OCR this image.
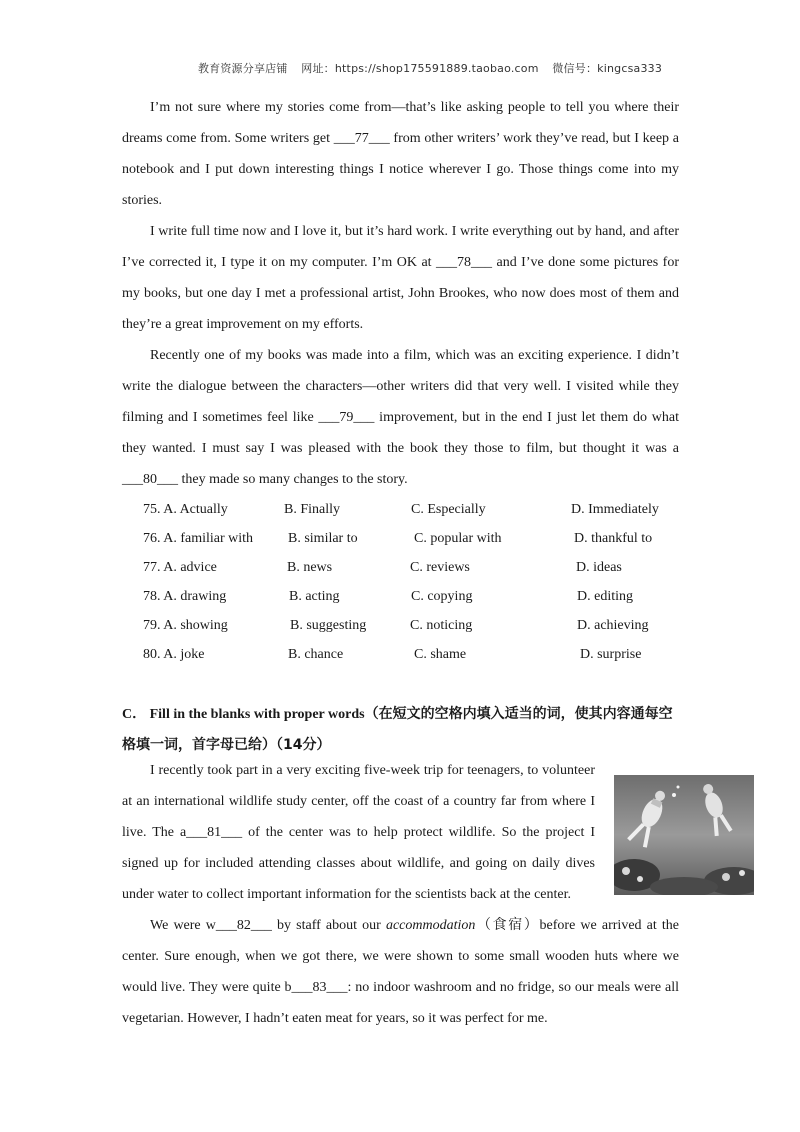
教育资源分享店铺 网址：https://shop175591889.taobao.com 微信号：kingcsa333

I’m not sure where my stories come from—that’s like asking people to tell you where their dreams come from. Some writers get ___77___ from other writers’ work they’ve read, but I keep a notebook and I put down interesting things I notice wherever I go. Those things come into my stories.

I write full time now and I love it, but it’s hard work. I write everything out by hand, and after I’ve corrected it, I type it on my computer. I’m OK at ___78___ and I’ve done some pictures for my books, but one day I met a professional artist, John Brookes, who now does most of them and they’re a great improvement on my efforts.

Recently one of my books was made into a film, which was an exciting experience. I didn’t write the dialogue between the characters—other writers did that very well. I visited while they filming and I sometimes feel like ___79___ improvement, but in the end I just let them do what they wanted. I must say I was pleased with the book they those to film, but thought it was a ___80___ they made so many changes to the story.

75. A. Actually	B. Finally	C. Especially	D. Immediately
76. A. familiar with B. similar to	C. popular with	D. thankful to
77. A. advice	B. news	C. reviews	D. ideas
78. A. drawing	B. acting	C. copying	D. editing
79. A. showing	B. suggesting	C. noticing	D. achieving
80. A. joke	B. chance	C. shame	D. surprise

C． Fill in the blanks with proper words（在短文的空格内填入适当的词，使其内容通每空格填一词，首字母已给）（14分）

I recently took part in a very exciting five-week trip for teenagers, to volunteer at an international wildlife study center, off the coast of a country far from where I live. The a___81___ of the center was to help protect wildlife. So the project I signed up for included attending classes about wildlife, and going on daily dives under water to collect important information for the scientists back at the center.

We were w___82___ by staff about our accommodation（食宿）before we arrived at the center. Sure enough, when we got there, we were shown to some small wooden huts where we would live. They were quite b___83___: no indoor washroom and no fridge, so our meals were all vegetarian. However, I hadn’t eaten meat for years, so it was perfect for me.
